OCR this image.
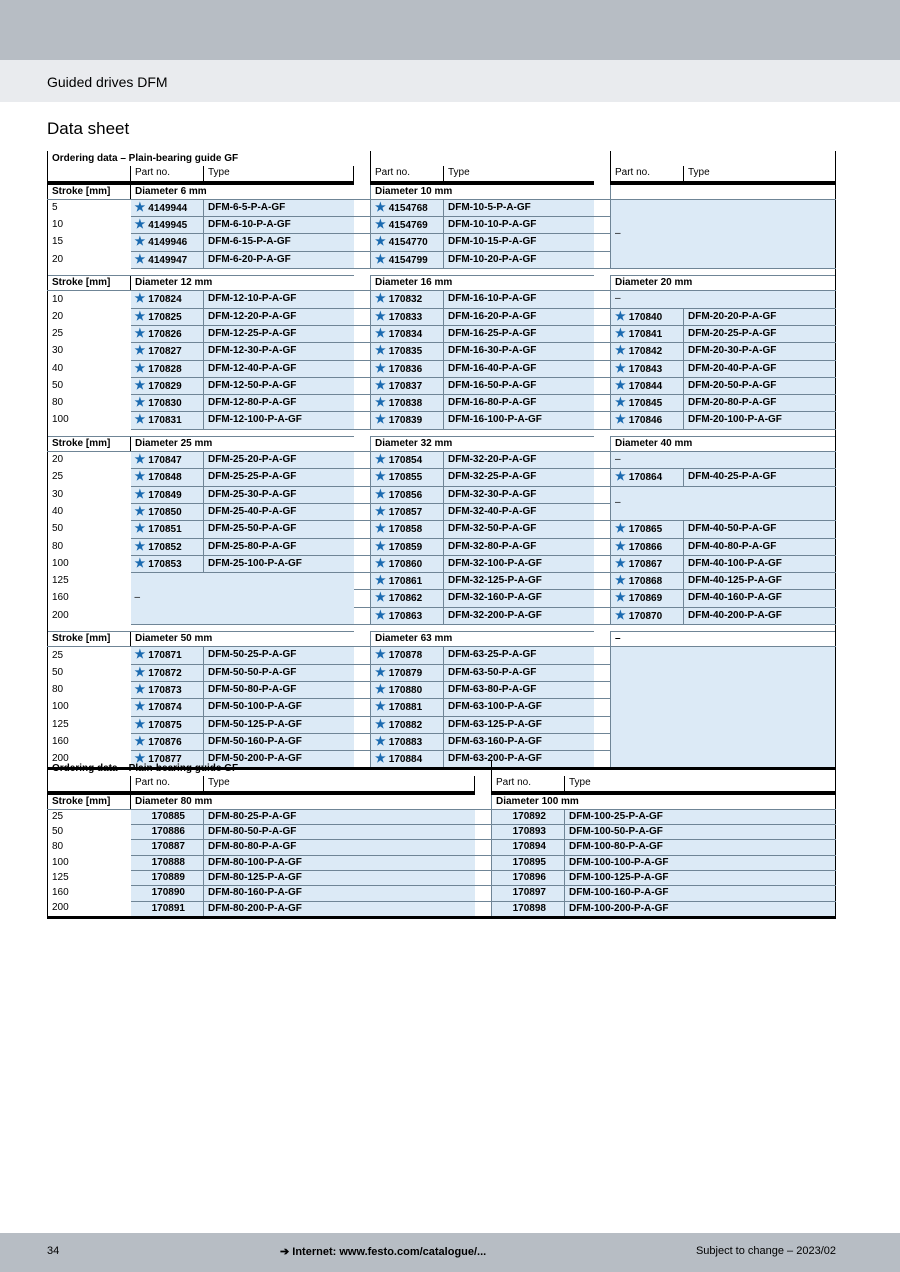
Guided drives DFM
Data sheet
Ordering data – Plain-bearing guide GF								
	Part no.	Type		Part no.	Type		Part no.	Type
Stroke [mm]	Diameter 6 mm			Diameter 10 mm				
5	★ 4149944	DFM-6-5-P-A-GF		★ 4154768	DFM-10-5-P-A-GF		–	
10	★ 4149945	DFM-6-10-P-A-GF		★ 4154769	DFM-10-10-P-A-GF			
15	★ 4149946	DFM-6-15-P-A-GF		★ 4154770	DFM-10-15-P-A-GF			
20	★ 4149947	DFM-6-20-P-A-GF		★ 4154799	DFM-10-20-P-A-GF			

Stroke [mm]	Diameter 12 mm			Diameter 16 mm			Diameter 20 mm	
10	★ 170824	DFM-12-10-P-A-GF		★ 170832	DFM-16-10-P-A-GF		–	
20	★ 170825	DFM-12-20-P-A-GF		★ 170833	DFM-16-20-P-A-GF		★ 170840	DFM-20-20-P-A-GF
25	★ 170826	DFM-12-25-P-A-GF		★ 170834	DFM-16-25-P-A-GF		★ 170841	DFM-20-25-P-A-GF
30	★ 170827	DFM-12-30-P-A-GF		★ 170835	DFM-16-30-P-A-GF		★ 170842	DFM-20-30-P-A-GF
40	★ 170828	DFM-12-40-P-A-GF		★ 170836	DFM-16-40-P-A-GF		★ 170843	DFM-20-40-P-A-GF
50	★ 170829	DFM-12-50-P-A-GF		★ 170837	DFM-16-50-P-A-GF		★ 170844	DFM-20-50-P-A-GF
80	★ 170830	DFM-12-80-P-A-GF		★ 170838	DFM-16-80-P-A-GF		★ 170845	DFM-20-80-P-A-GF
100	★ 170831	DFM-12-100-P-A-GF		★ 170839	DFM-16-100-P-A-GF		★ 170846	DFM-20-100-P-A-GF

Stroke [mm]	Diameter 25 mm			Diameter 32 mm			Diameter 40 mm	
20	★ 170847	DFM-25-20-P-A-GF		★ 170854	DFM-32-20-P-A-GF		–	
25	★ 170848	DFM-25-25-P-A-GF		★ 170855	DFM-32-25-P-A-GF		★ 170864	DFM-40-25-P-A-GF
30	★ 170849	DFM-25-30-P-A-GF		★ 170856	DFM-32-30-P-A-GF		–	
40	★ 170850	DFM-25-40-P-A-GF		★ 170857	DFM-32-40-P-A-GF			
50	★ 170851	DFM-25-50-P-A-GF		★ 170858	DFM-32-50-P-A-GF		★ 170865	DFM-40-50-P-A-GF
80	★ 170852	DFM-25-80-P-A-GF		★ 170859	DFM-32-80-P-A-GF		★ 170866	DFM-40-80-P-A-GF
100	★ 170853	DFM-25-100-P-A-GF		★ 170860	DFM-32-100-P-A-GF		★ 170867	DFM-40-100-P-A-GF
125	–			★ 170861	DFM-32-125-P-A-GF		★ 170868	DFM-40-125-P-A-GF
160				★ 170862	DFM-32-160-P-A-GF		★ 170869	DFM-40-160-P-A-GF
200				★ 170863	DFM-32-200-P-A-GF		★ 170870	DFM-40-200-P-A-GF

Stroke [mm]	Diameter 50 mm			Diameter 63 mm			–	
25	★ 170871	DFM-50-25-P-A-GF		★ 170878	DFM-63-25-P-A-GF			
50	★ 170872	DFM-50-50-P-A-GF		★ 170879	DFM-63-50-P-A-GF			
80	★ 170873	DFM-50-80-P-A-GF		★ 170880	DFM-63-80-P-A-GF			
100	★ 170874	DFM-50-100-P-A-GF		★ 170881	DFM-63-100-P-A-GF			
125	★ 170875	DFM-50-125-P-A-GF		★ 170882	DFM-63-125-P-A-GF			
160	★ 170876	DFM-50-160-P-A-GF		★ 170883	DFM-63-160-P-A-GF			
200	★ 170877	DFM-50-200-P-A-GF		★ 170884	DFM-63-200-P-A-GF			
Ordering data – Plain-bearing guide GF					
	Part no.	Type		Part no.	Type
Stroke [mm]	Diameter 80 mm			Diameter 100 mm	
25	170885	DFM-80-25-P-A-GF		170892	DFM-100-25-P-A-GF
50	170886	DFM-80-50-P-A-GF		170893	DFM-100-50-P-A-GF
80	170887	DFM-80-80-P-A-GF		170894	DFM-100-80-P-A-GF
100	170888	DFM-80-100-P-A-GF		170895	DFM-100-100-P-A-GF
125	170889	DFM-80-125-P-A-GF		170896	DFM-100-125-P-A-GF
160	170890	DFM-80-160-P-A-GF		170897	DFM-100-160-P-A-GF
200	170891	DFM-80-200-P-A-GF		170898	DFM-100-200-P-A-GF
34	➔ Internet: www.festo.com/catalogue/...	Subject to change – 2023/02
